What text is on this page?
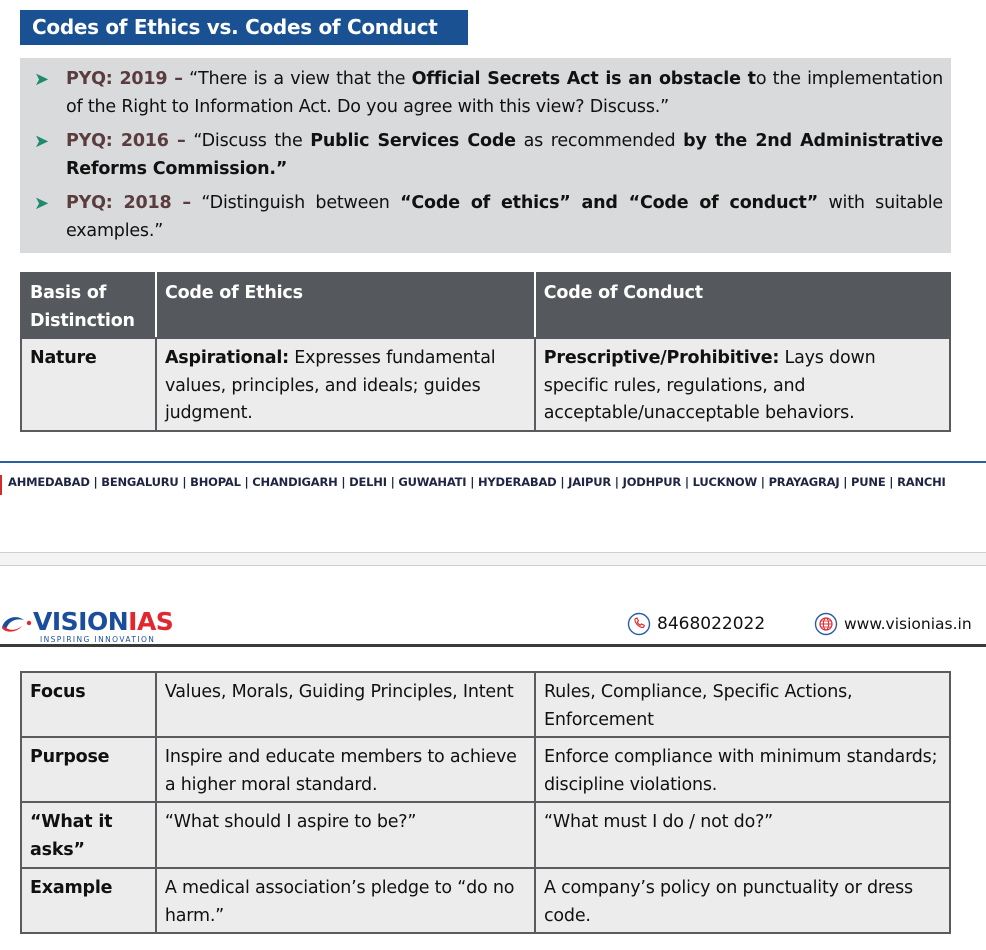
Codes of Ethics vs. Codes of Conduct
➤ PYQ: 2019 – “There is a view that the Official Secrets Act is an obstacle to the implementation of the Right to Information Act. Do you agree with this view? Discuss.”
➤ PYQ: 2016 – “Discuss the Public Services Code as recommended by the 2nd Administrative Reforms Commission.”
➤ PYQ: 2018 – “Distinguish between “Code of ethics” and “Code of conduct” with suitable examples.”
Basis of Distinction	Code of Ethics	Code of Conduct
Nature	Aspirational: Expresses fundamental values, principles, and ideals; guides judgment.	Prescriptive/Prohibitive: Lays down specific rules, regulations, and acceptable/unacceptable behaviors.
AHMEDABAD | BENGALURU | BHOPAL | CHANDIGARH | DELHI | GUWAHATI | HYDERABAD | JAIPUR | JODHPUR | LUCKNOW | PRAYAGRAJ | PUNE | RANCHI
VISIONIAS
INSPIRING INNOVATION
8468022022	www.visionias.in
Focus	Values, Morals, Guiding Principles, Intent	Rules, Compliance, Specific Actions, Enforcement
Purpose	Inspire and educate members to achieve a higher moral standard.	Enforce compliance with minimum standards; discipline violations.
“What it asks”	“What should I aspire to be?”	“What must I do / not do?”
Example	A medical association’s pledge to “do no harm.”	A company’s policy on punctuality or dress code.
